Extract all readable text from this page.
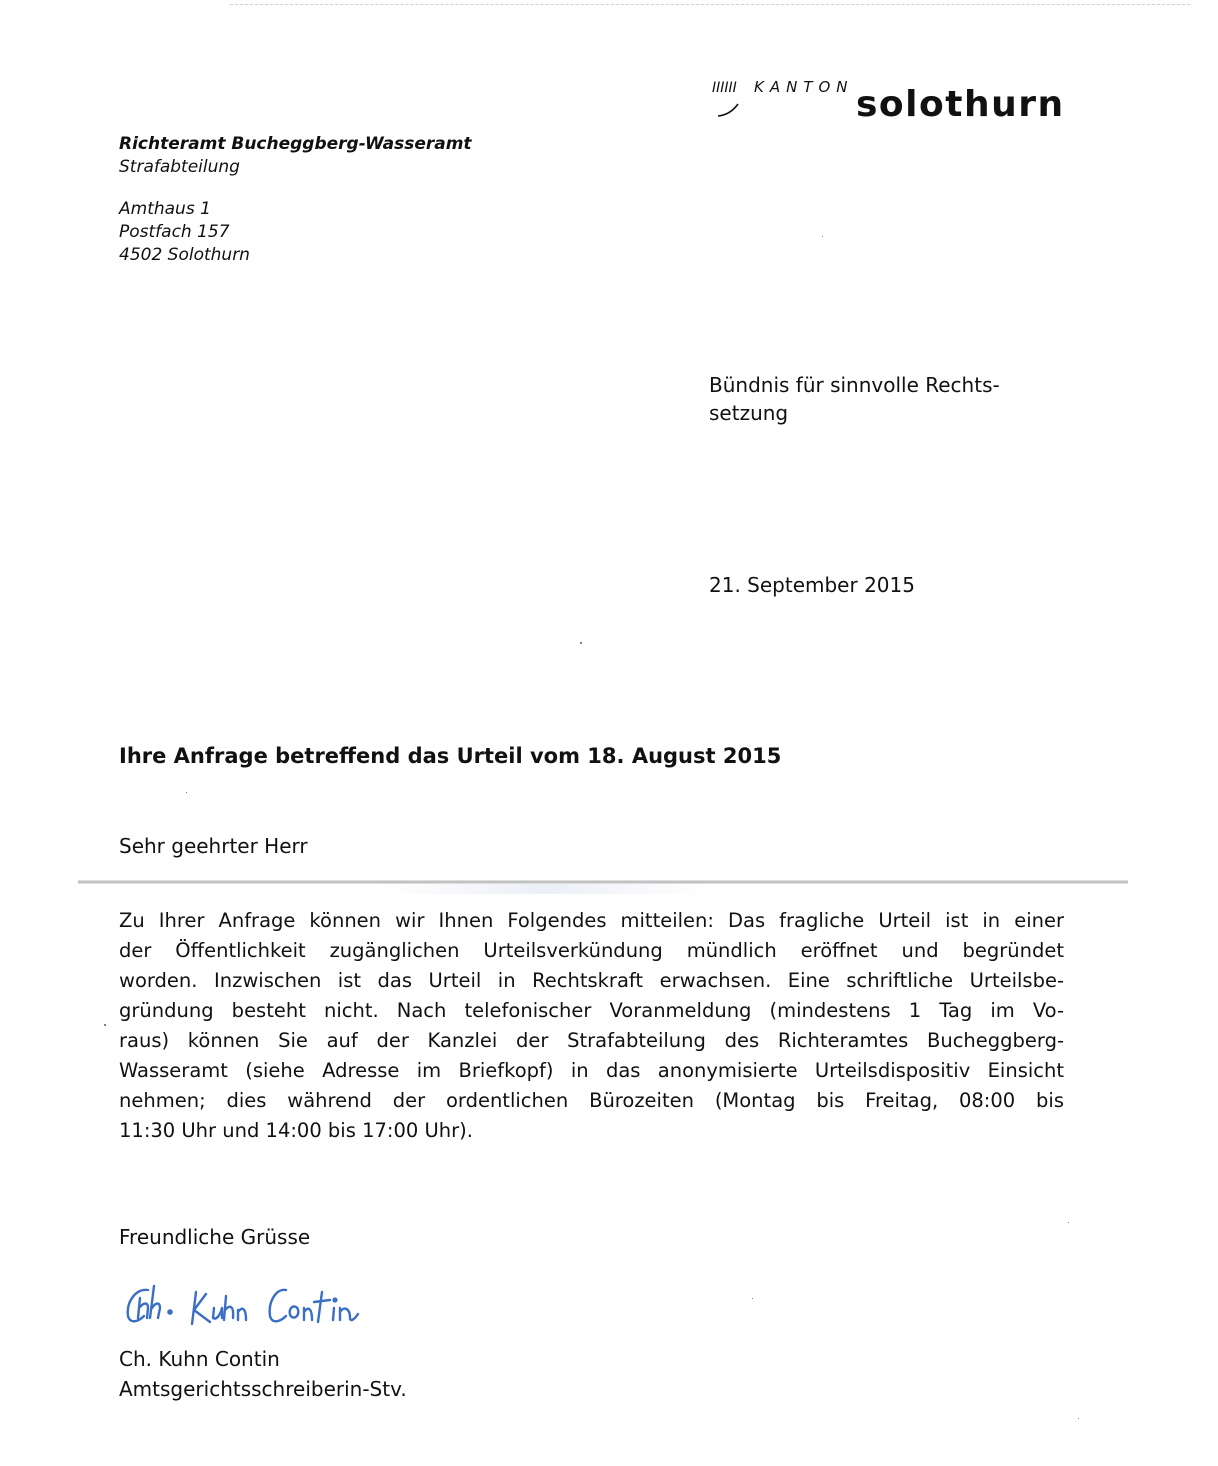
IIIIII KANTON solothurn
Richteramt Bucheggberg-Wasseramt
Strafabteilung
Amthaus 1
Postfach 157
4502 Solothurn
Bündnis für sinnvolle Rechts-
setzung
21. September 2015
Ihre Anfrage betreffend das Urteil vom 18. August 2015
Sehr geehrter Herr
Zu Ihrer Anfrage können wir Ihnen Folgendes mitteilen: Das fragliche Urteil ist in einer
der Öffentlichkeit zugänglichen Urteilsverkündung mündlich eröffnet und begründet
worden. Inzwischen ist das Urteil in Rechtskraft erwachsen. Eine schriftliche Urteilsbe-
gründung besteht nicht. Nach telefonischer Voranmeldung (mindestens 1 Tag im Vo-
raus) können Sie auf der Kanzlei der Strafabteilung des Richteramtes Bucheggberg-
Wasseramt (siehe Adresse im Briefkopf) in das anonymisierte Urteilsdispositiv Einsicht
nehmen; dies während der ordentlichen Bürozeiten (Montag bis Freitag, 08:00 bis
11:30 Uhr und 14:00 bis 17:00 Uhr).
Freundliche Grüsse
Ch. Kuhn Contin
Amtsgerichtsschreiberin-Stv.
